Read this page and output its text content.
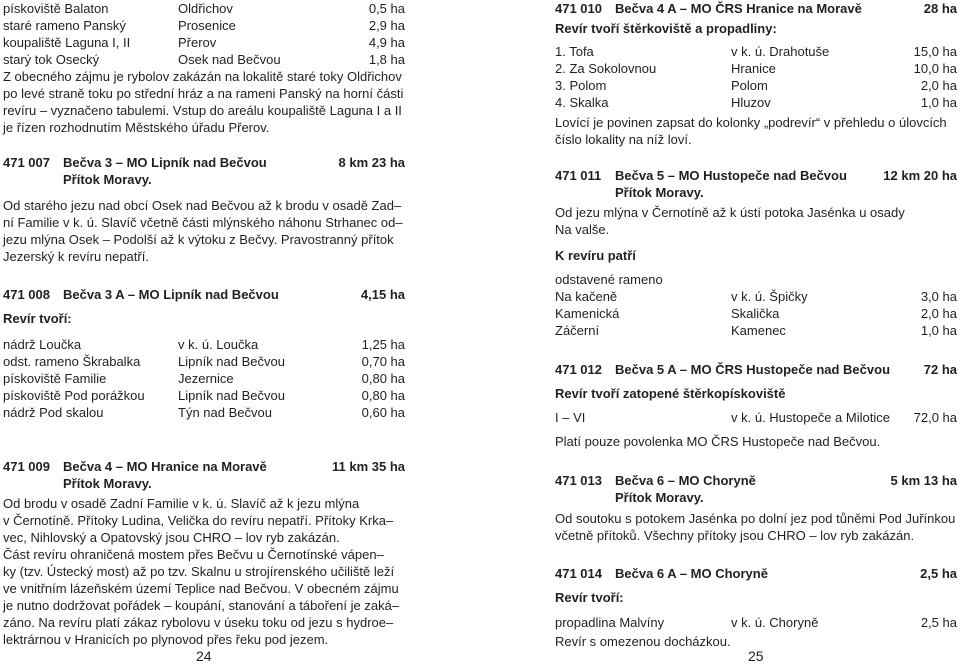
pískoviště Balaton	Oldřichov	0,5 ha
staré rameno Panský	Prosenice	2,9 ha
koupaliště Laguna I, II	Přerov	4,9 ha
starý tok Osecký	Osek nad Bečvou	1,8 ha
Z obecného zájmu je rybolov zakázán na lokalitě staré toky Oldřichov
po levé straně toku po střední hráz a na rameni Panský na horní části
revíru – vyznačeno tabulemi. Vstup do areálu koupaliště Laguna I a II
je řízen rozhodnutím Městského úřadu Přerov.
471 007	Bečva 3 – MO Lipník nad Bečvou	8 km 23 ha
Přítok Moravy.
Od starého jezu nad obcí Osek nad Bečvou až k brodu v osadě Zad–
ní Familie v k. ú. Slavíč včetně části mlýnského náhonu Strhanec od–
jezu mlýna Osek – Podolší až k výtoku z Bečvy. Pravostranný přítok
Jezerský k revíru nepatří.
471 008	Bečva 3 A – MO Lipník nad Bečvou	4,15 ha
Revír tvoří:
nádrž Loučka	v k. ú. Loučka	1,25 ha
odst. rameno Škrabalka	Lipník nad Bečvou	0,70 ha
pískoviště Familie	Jezernice	0,80 ha
pískoviště Pod porážkou	Lipník nad Bečvou	0,80 ha
nádrž Pod skalou	Týn nad Bečvou	0,60 ha
471 009	Bečva 4 – MO Hranice na Moravě	11 km 35 ha
Přítok Moravy.
Od brodu v osadě Zadní Familie v k. ú. Slavíč až k jezu mlýna
v Černotíně. Přítoky Ludina, Velička do revíru nepatří. Přítoky Krka–
vec, Nihlovský a Opatovský jsou CHRO – lov ryb zakázán.
Část revíru ohraničená mostem přes Bečvu u Černotínské vápen–
ky (tzv. Ústecký most) až po tzv. Skalnu u strojírenského učiliště leží
ve vnitřním lázeňském území Teplice nad Bečvou. V obecném zájmu
je nutno dodržovat pořádek – koupání, stanování a táboření je zaká–
záno. Na revíru platí zákaz rybolovu v úseku toku od jezu s hydroe–
lektrárnou v Hranicích po plynovod přes řeku pod jezem.
471 010	Bečva 4 A – MO ČRS Hranice na Moravě	28 ha
Revír tvoří štěrkoviště a propadliny:
1. Tofa	v k. ú. Drahotuše	15,0 ha
2. Za Sokolovnou	Hranice	10,0 ha
3. Polom	Polom	2,0 ha
4. Skalka	Hluzov	1,0 ha
Lovící je povinen zapsat do kolonky „podrevír“ v přehledu o úlovcích
číslo lokality na níž loví.
471 011	Bečva 5 – MO Hustopeče nad Bečvou	12 km 20 ha
Přítok Moravy.
Od jezu mlýna v Černotíně až k ústí potoka Jasénka u osady
Na valše.
K revíru patří
odstavené rameno
Na kačeně	v k. ú. Špičky	3,0 ha
Kamenická	Skalička	2,0 ha
Záčerní	Kamenec	1,0 ha
471 012	Bečva 5 A – MO ČRS Hustopeče nad Bečvou	72 ha
Revír tvoří zatopené štěrkopískoviště
I – VI	v k. ú. Hustopeče a Milotice	72,0 ha
Platí pouze povolenka MO ČRS Hustopeče nad Bečvou.
471 013	Bečva 6 – MO Choryně	5 km 13 ha
Přítok Moravy.
Od soutoku s potokem Jasénka po dolní jez pod tůněmi Pod Juřínkou
včetně přítoků. Všechny přítoky jsou CHRO – lov ryb zakázán.
471 014	Bečva 6 A – MO Choryně	2,5 ha
Revír tvoří:
propadlina Malvíny	v k. ú. Choryně	2,5 ha
Revír s omezenou docházkou.
24	25
